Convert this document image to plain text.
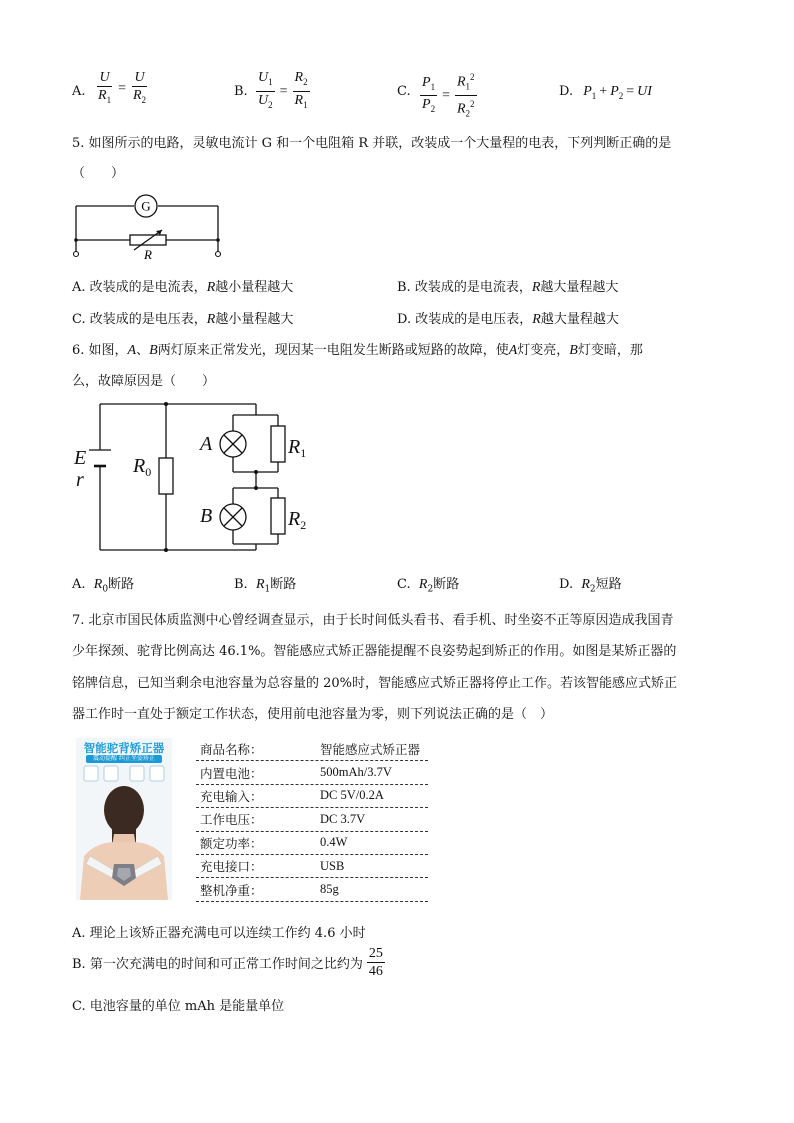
A. $\frac{U}{R_1} = \frac{U}{R_2}$	B. $\frac{U_1}{U_2} = \frac{R_2}{R_1}$	C. $\frac{P_1}{P_2} = \frac{R_1^2}{R_2^2}$	D. $P_1 + P_2$ = UI
5. 如图所示的电路，灵敏电流计 G 和一个电阻箱 R 并联，改装成一个大量程的电表，下列判断正确的是
（　　）
G
R
A. 改装成的是电流表，R越小量程越大	B. 改装成的是电流表，R越大量程越大
C. 改装成的是电压表，R越小量程越大	D. 改装成的是电压表，R越大量程越大
6. 如图，A、B两灯原来正常发光，现因某一电阻发生断路或短路的故障，使A灯变亮，B灯变暗，那
么，故障原因是（　　）
E
r
$R_0$
A
B
$R_1$
$R_2$
A. $R_0$断路	B. $R_1$断路	C. $R_2$断路	D. $R_2$短路
7. 北京市国民体质监测中心曾经调查显示，由于长时间低头看书、看手机、时坐姿不正等原因造成我国青
少年探颈、驼背比例高达 46.1%。智能感应式矫正器能提醒不良姿势起到矫正的作用。如图是某矫正器的
铭牌信息，已知当剩余电池容量为总容量的 20%时，智能感应式矫正器将停止工作。若该智能感应式矫正
器工作时一直处于额定工作状态，使用前电池容量为零，则下列说法正确的是（　）
智能驼背矫正器
震动提醒 纠正坐姿矫正
商品名称：	智能感应式矫正器
内置电池：	500mAh/3.7V
充电输入：	DC 5V/0.2A
工作电压：	DC 3.7V
额定功率：	0.4W
充电接口：	USB
整机净重：	85g
A. 理论上该矫正器充满电可以连续工作约 4.6 小时
B. 第一次充满电的时间和可正常工作时间之比约为 $\frac{25}{46}$
C. 电池容量的单位 mAh 是能量单位
